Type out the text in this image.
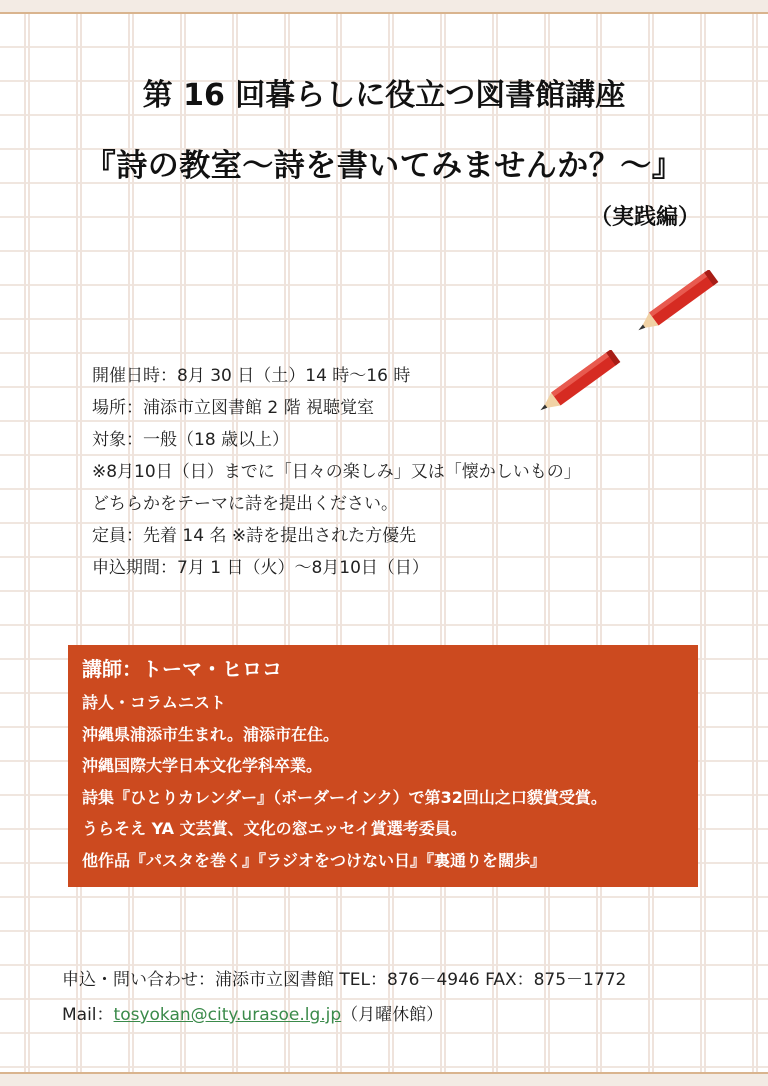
第 16 回暮らしに役立つ図書館講座
『詩の教室～詩を書いてみませんか？～』
（実践編）
開催日時：8月 30 日（土）14 時～16 時
場所：浦添市立図書館 2 階 視聴覚室
対象：一般（18 歳以上）
※8月10日（日）までに「日々の楽しみ」又は「懐かしいもの」
どちらかをテーマに詩を提出ください。
定員：先着 14 名 ※詩を提出された方優先
申込期間：7月 1 日（火）～8月10日（日）
講師：トーマ・ヒロコ
詩人・コラムニスト
沖縄県浦添市生まれ。浦添市在住。
沖縄国際大学日本文化学科卒業。
詩集『ひとりカレンダー』（ボーダーインク）で第32回山之口貘賞受賞。
うらそえ YA 文芸賞、文化の窓エッセイ賞選考委員。
他作品『パスタを巻く』『ラジオをつけない日』『裏通りを闊歩』
申込・問い合わせ：浦添市立図書館 TEL：876－4946 FAX：875－1772
Mail：tosyokan@city.urasoe.lg.jp（月曜休館）
